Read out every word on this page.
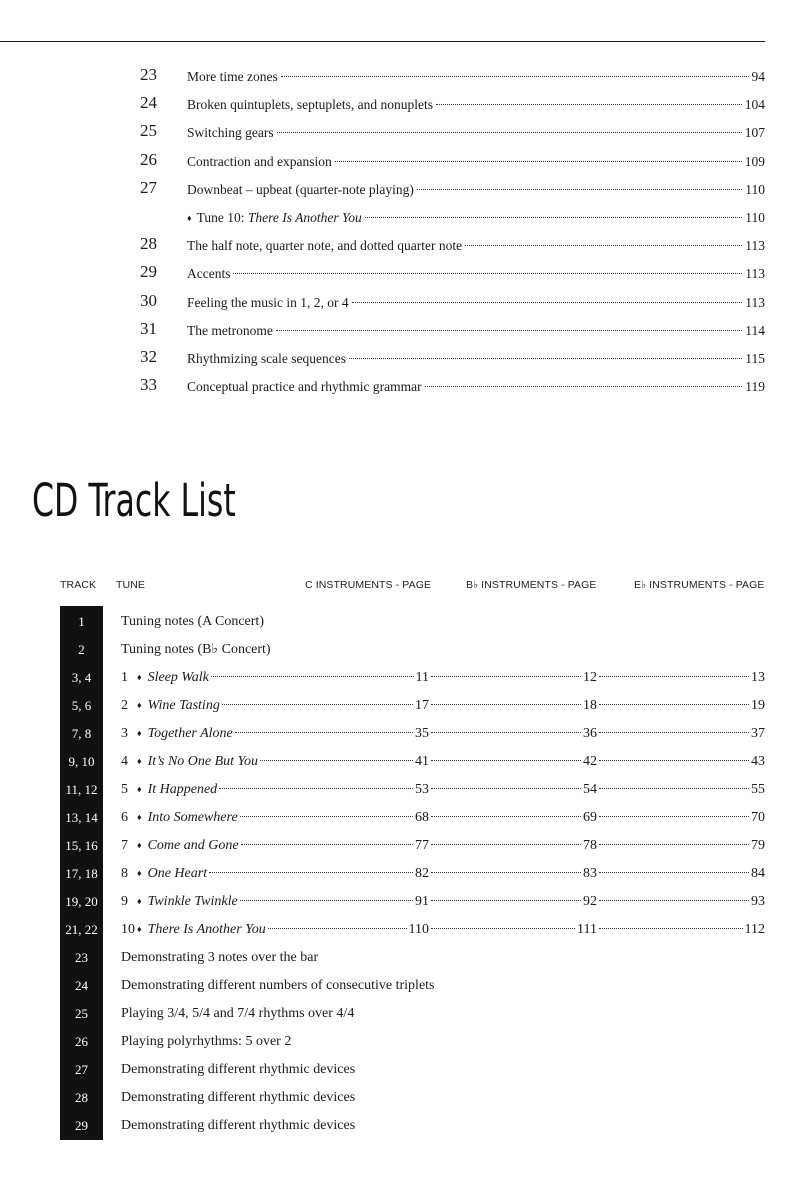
23 More time zones	94
24 Broken quintuplets, septuplets, and nonuplets	104
25 Switching gears	107
26 Contraction and expansion	109
27 Downbeat – upbeat (quarter-note playing)	110
♦ Tune 10: There Is Another You	110
28 The half note, quarter note, and dotted quarter note	113
29 Accents	113
30 Feeling the music in 1, 2, or 4	113
31 The metronome	114
32 Rhythmizing scale sequences	115
33 Conceptual practice and rhythmic grammar	119
CD Track List
TRACK TUNE	C INSTRUMENTS - PAGE	B♭ INSTRUMENTS - PAGE	E♭ INSTRUMENTS - PAGE
1	Tuning notes (A Concert)
2	Tuning notes (B♭ Concert)
3, 4	1 ♦ Sleep Walk	11	12	13
5, 6	2 ♦ Wine Tasting	17	18	19
7, 8	3 ♦ Together Alone	35	36	37
9, 10	4 ♦ It’s No One But You	41	42	43
11, 12	5 ♦ It Happened	53	54	55
13, 14	6 ♦ Into Somewhere	68	69	70
15, 16	7 ♦ Come and Gone	77	78	79
17, 18	8 ♦ One Heart	82	83	84
19, 20	9 ♦ Twinkle Twinkle	91	92	93
21, 22	10 ♦ There Is Another You	110	111	112
23	Demonstrating 3 notes over the bar
24	Demonstrating different numbers of consecutive triplets
25	Playing 3/4, 5/4 and 7/4 rhythms over 4/4
26	Playing polyrhythms: 5 over 2
27	Demonstrating different rhythmic devices
28	Demonstrating different rhythmic devices
29	Demonstrating different rhythmic devices
